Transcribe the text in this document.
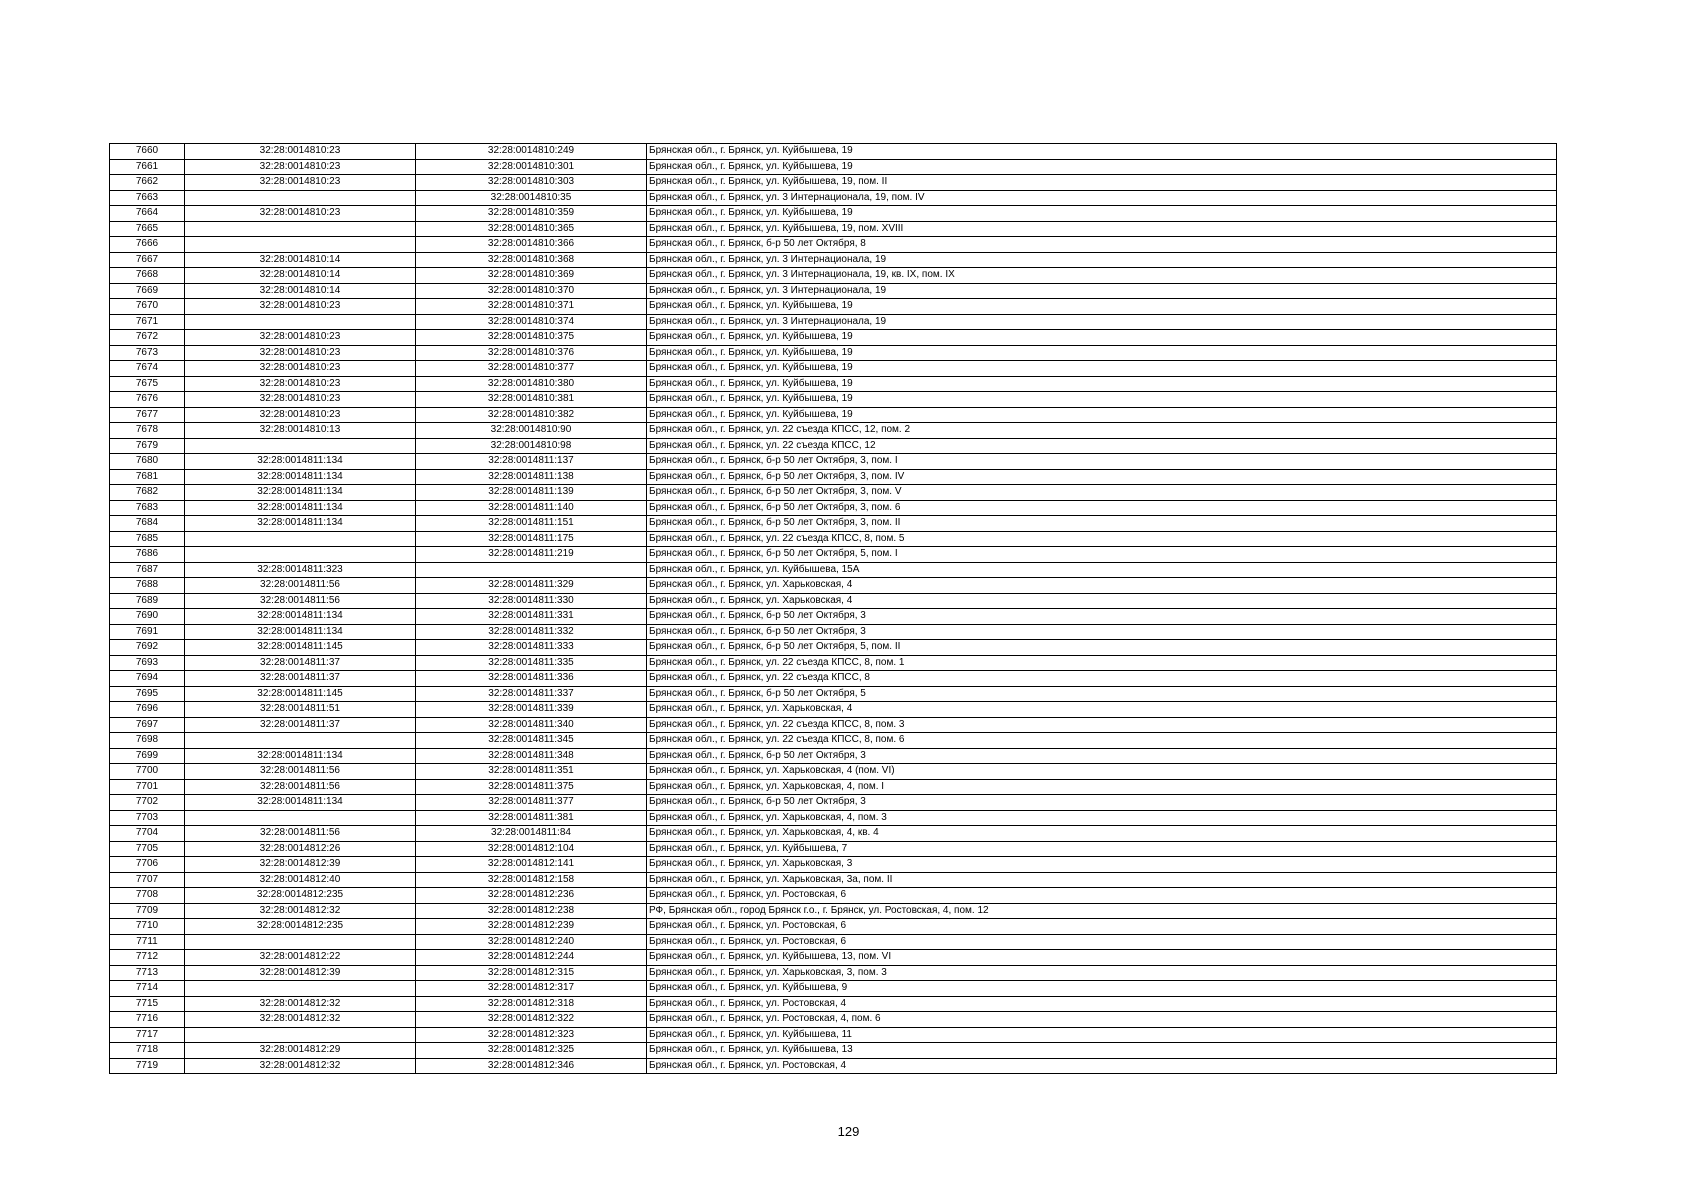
7660	32:28:0014810:23	32:28:0014810:249	Брянская обл., г. Брянск, ул. Куйбышева, 19
7661	32:28:0014810:23	32:28:0014810:301	Брянская обл., г. Брянск, ул. Куйбышева, 19
7662	32:28:0014810:23	32:28:0014810:303	Брянская обл., г. Брянск, ул. Куйбышева, 19, пом. II
7663		32:28:0014810:35	Брянская обл., г. Брянск, ул. 3 Интернационала, 19, пом. IV
7664	32:28:0014810:23	32:28:0014810:359	Брянская обл., г. Брянск, ул. Куйбышева, 19
7665		32:28:0014810:365	Брянская обл., г. Брянск, ул. Куйбышева, 19, пом. XVIII
7666		32:28:0014810:366	Брянская обл., г. Брянск, б-р 50 лет Октября, 8
7667	32:28:0014810:14	32:28:0014810:368	Брянская обл., г. Брянск, ул. 3 Интернационала, 19
7668	32:28:0014810:14	32:28:0014810:369	Брянская обл., г. Брянск, ул. 3 Интернационала, 19, кв. IX, пом. IX
7669	32:28:0014810:14	32:28:0014810:370	Брянская обл., г. Брянск, ул. 3 Интернационала, 19
7670	32:28:0014810:23	32:28:0014810:371	Брянская обл., г. Брянск, ул. Куйбышева, 19
7671		32:28:0014810:374	Брянская обл., г. Брянск, ул. 3 Интернационала, 19
7672	32:28:0014810:23	32:28:0014810:375	Брянская обл., г. Брянск, ул. Куйбышева, 19
7673	32:28:0014810:23	32:28:0014810:376	Брянская обл., г. Брянск, ул. Куйбышева, 19
7674	32:28:0014810:23	32:28:0014810:377	Брянская обл., г. Брянск, ул. Куйбышева, 19
7675	32:28:0014810:23	32:28:0014810:380	Брянская обл., г. Брянск, ул. Куйбышева, 19
7676	32:28:0014810:23	32:28:0014810:381	Брянская обл., г. Брянск, ул. Куйбышева, 19
7677	32:28:0014810:23	32:28:0014810:382	Брянская обл., г. Брянск, ул. Куйбышева, 19
7678	32:28:0014810:13	32:28:0014810:90	Брянская обл., г. Брянск, ул. 22 съезда КПСС, 12, пом. 2
7679		32:28:0014810:98	Брянская обл., г. Брянск, ул. 22 съезда КПСС, 12
7680	32:28:0014811:134	32:28:0014811:137	Брянская обл., г. Брянск, б-р 50 лет Октября, 3, пом. I
7681	32:28:0014811:134	32:28:0014811:138	Брянская обл., г. Брянск, б-р 50 лет Октября, 3, пом. IV
7682	32:28:0014811:134	32:28:0014811:139	Брянская обл., г. Брянск, б-р 50 лет Октября, 3, пом. V
7683	32:28:0014811:134	32:28:0014811:140	Брянская обл., г. Брянск, б-р 50 лет Октября, 3, пом. 6
7684	32:28:0014811:134	32:28:0014811:151	Брянская обл., г. Брянск, б-р 50 лет Октября, 3, пом. II
7685		32:28:0014811:175	Брянская обл., г. Брянск, ул. 22 съезда КПСС, 8, пом. 5
7686		32:28:0014811:219	Брянская обл., г. Брянск, б-р 50 лет Октября, 5, пом. I
7687	32:28:0014811:323		Брянская обл., г. Брянск, ул. Куйбышева, 15А
7688	32:28:0014811:56	32:28:0014811:329	Брянская обл., г. Брянск, ул. Харьковская, 4
7689	32:28:0014811:56	32:28:0014811:330	Брянская обл., г. Брянск, ул. Харьковская, 4
7690	32:28:0014811:134	32:28:0014811:331	Брянская обл., г. Брянск, б-р 50 лет Октября, 3
7691	32:28:0014811:134	32:28:0014811:332	Брянская обл., г. Брянск, б-р 50 лет Октября, 3
7692	32:28:0014811:145	32:28:0014811:333	Брянская обл., г. Брянск, б-р 50 лет Октября, 5, пом. II
7693	32:28:0014811:37	32:28:0014811:335	Брянская обл., г. Брянск, ул. 22 съезда КПСС, 8, пом. 1
7694	32:28:0014811:37	32:28:0014811:336	Брянская обл., г. Брянск, ул. 22 съезда КПСС, 8
7695	32:28:0014811:145	32:28:0014811:337	Брянская обл., г. Брянск, б-р 50 лет Октября, 5
7696	32:28:0014811:51	32:28:0014811:339	Брянская обл., г. Брянск, ул. Харьковская, 4
7697	32:28:0014811:37	32:28:0014811:340	Брянская обл., г. Брянск, ул. 22 съезда КПСС, 8, пом. 3
7698		32:28:0014811:345	Брянская обл., г. Брянск, ул. 22 съезда КПСС, 8, пом. 6
7699	32:28:0014811:134	32:28:0014811:348	Брянская обл., г. Брянск, б-р 50 лет Октября, 3
7700	32:28:0014811:56	32:28:0014811:351	Брянская обл., г. Брянск, ул. Харьковская, 4 (пом. VI)
7701	32:28:0014811:56	32:28:0014811:375	Брянская обл., г. Брянск, ул. Харьковская, 4, пом. I
7702	32:28:0014811:134	32:28:0014811:377	Брянская обл., г. Брянск, б-р 50 лет Октября, 3
7703		32:28:0014811:381	Брянская обл., г. Брянск, ул. Харьковская, 4, пом. 3
7704	32:28:0014811:56	32:28:0014811:84	Брянская обл., г. Брянск, ул. Харьковская, 4, кв. 4
7705	32:28:0014812:26	32:28:0014812:104	Брянская обл., г. Брянск, ул. Куйбышева, 7
7706	32:28:0014812:39	32:28:0014812:141	Брянская обл., г. Брянск, ул. Харьковская, 3
7707	32:28:0014812:40	32:28:0014812:158	Брянская обл., г. Брянск, ул. Харьковская, 3а, пом. II
7708	32:28:0014812:235	32:28:0014812:236	Брянская обл., г. Брянск, ул. Ростовская, 6
7709	32:28:0014812:32	32:28:0014812:238	РФ, Брянская обл., город Брянск г.о., г. Брянск, ул. Ростовская, 4, пом. 12
7710	32:28:0014812:235	32:28:0014812:239	Брянская обл., г. Брянск, ул. Ростовская, 6
7711		32:28:0014812:240	Брянская обл., г. Брянск, ул. Ростовская, 6
7712	32:28:0014812:22	32:28:0014812:244	Брянская обл., г. Брянск, ул. Куйбышева, 13, пом. VI
7713	32:28:0014812:39	32:28:0014812:315	Брянская обл., г. Брянск, ул. Харьковская, 3, пом. 3
7714		32:28:0014812:317	Брянская обл., г. Брянск, ул. Куйбышева, 9
7715	32:28:0014812:32	32:28:0014812:318	Брянская обл., г. Брянск, ул. Ростовская, 4
7716	32:28:0014812:32	32:28:0014812:322	Брянская обл., г. Брянск, ул. Ростовская, 4, пом. 6
7717		32:28:0014812:323	Брянская обл., г. Брянск, ул. Куйбышева, 11
7718	32:28:0014812:29	32:28:0014812:325	Брянская обл., г. Брянск, ул. Куйбышева, 13
7719	32:28:0014812:32	32:28:0014812:346	Брянская обл., г. Брянск, ул. Ростовская, 4
129
